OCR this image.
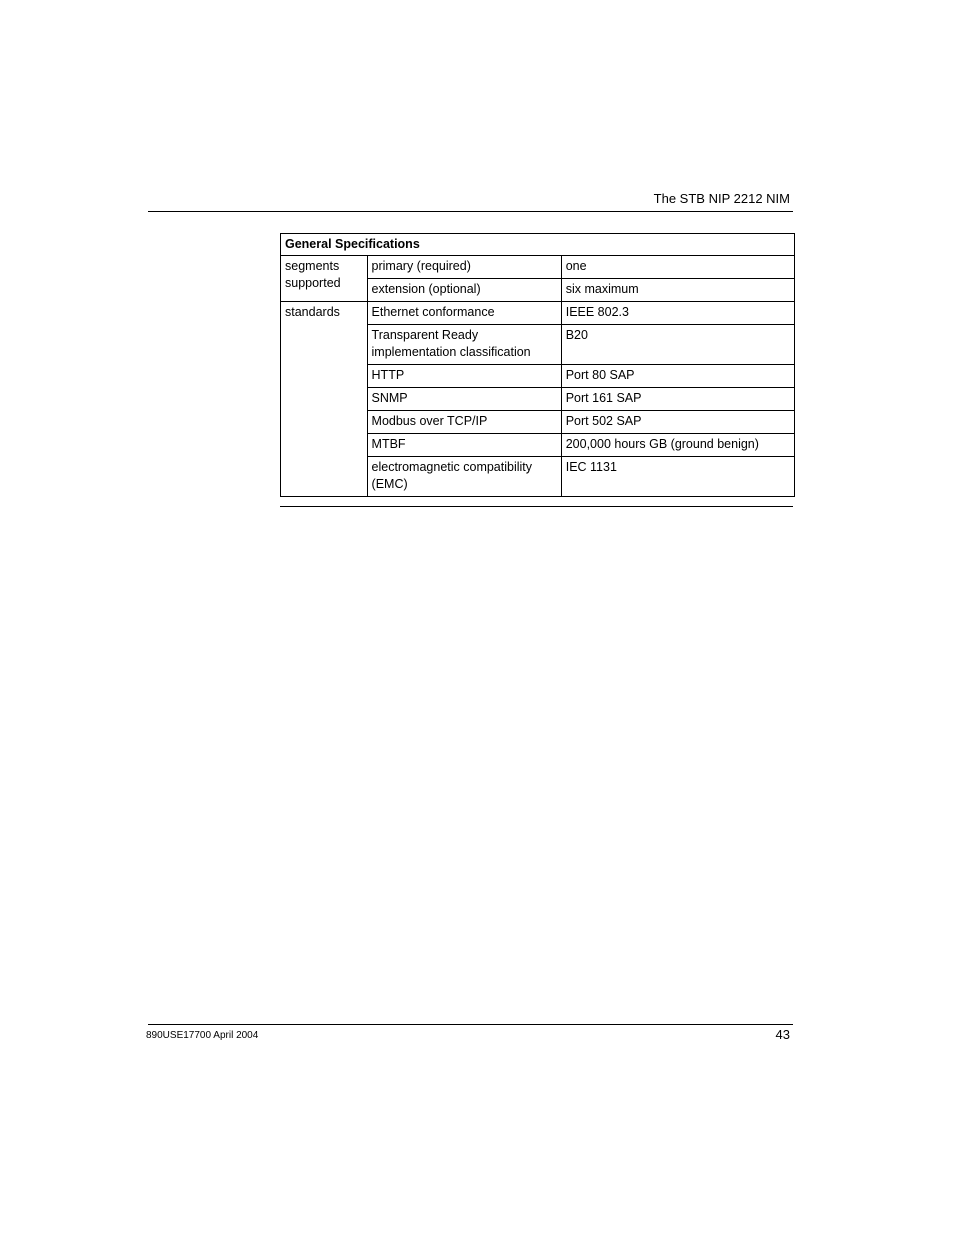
The STB NIP 2212 NIM
General Specifications		
segments supported	primary (required)	one
	extension (optional)	six maximum
standards	Ethernet conformance	IEEE 802.3
	Transparent Ready implementation classification	B20
	HTTP	Port 80 SAP
	SNMP	Port 161 SAP
	Modbus over TCP/IP	Port 502 SAP
	MTBF	200,000 hours GB (ground benign)
	electromagnetic compatibility (EMC)	IEC 1131
890USE17700 April 2004	43
